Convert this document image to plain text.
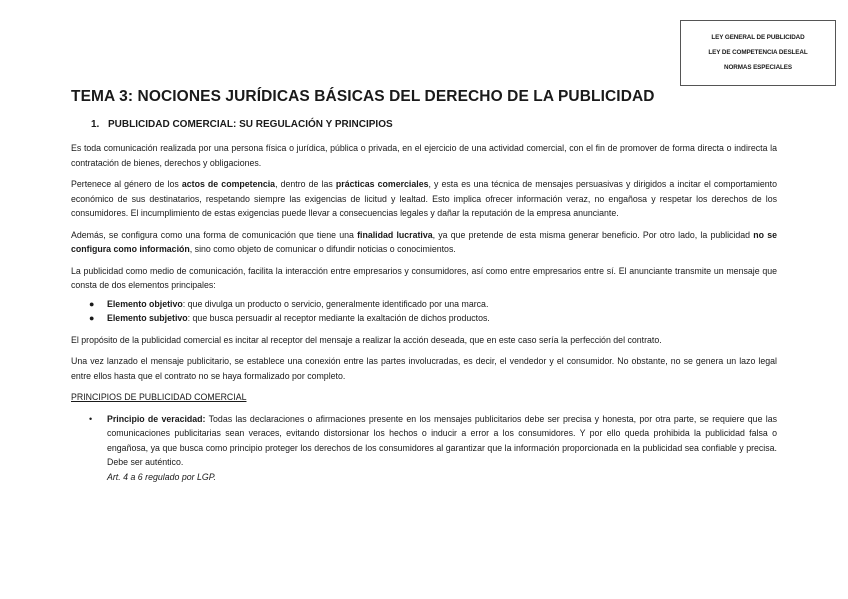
LEY GENERAL DE PUBLICIDAD
LEY DE COMPETENCIA DESLEAL
NORMAS ESPECIALES
TEMA 3: NOCIONES JURÍDICAS BÁSICAS DEL DERECHO DE LA PUBLICIDAD
1. PUBLICIDAD COMERCIAL: SU REGULACIÓN Y PRINCIPIOS

Es toda comunicación realizada por una persona física o jurídica, pública o privada, en el ejercicio de una actividad comercial, con el fin de promover de forma directa o indirecta la contratación de bienes, derechos y obligaciones.

Pertenece al género de los actos de competencia, dentro de las prácticas comerciales, y esta es una técnica de mensajes persuasivas y dirigidos a incitar el comportamiento económico de sus destinatarios, respetando siempre las exigencias de licitud y lealtad. Esto implica ofrecer información veraz, no engañosa y respetar los derechos de los consumidores. El incumplimiento de estas exigencias puede llevar a consecuencias legales y dañar la reputación de la empresa anunciante.

Además, se configura como una forma de comunicación que tiene una finalidad lucrativa, ya que pretende de esta misma generar beneficio. Por otro lado, la publicidad no se configura como información, sino como objeto de comunicar o difundir noticias o conocimientos.

La publicidad como medio de comunicación, facilita la interacción entre empresarios y consumidores, así como entre empresarios entre sí. El anunciante transmite un mensaje que consta de dos elementos principales:

● Elemento objetivo: que divulga un producto o servicio, generalmente identificado por una marca.
● Elemento subjetivo: que busca persuadir al receptor mediante la exaltación de dichos productos.

El propósito de la publicidad comercial es incitar al receptor del mensaje a realizar la acción deseada, que en este caso sería la perfección del contrato.

Una vez lanzado el mensaje publicitario, se establece una conexión entre las partes involucradas, es decir, el vendedor y el consumidor. No obstante, no se genera un lazo legal entre ellos hasta que el contrato no se haya formalizado por completo.

PRINCIPIOS DE PUBLICIDAD COMERCIAL

• Principio de veracidad: Todas las declaraciones o afirmaciones presente en los mensajes publicitarios debe ser precisa y honesta, por otra parte, se requiere que las comunicaciones publicitarias sean veraces, evitando distorsionar los hechos o inducir a error a los consumidores. Y por ello queda prohibida la publicidad falsa o engañosa, ya que busca como principio proteger los derechos de los consumidores al garantizar que la información proporcionada en la publicidad sea confiable y precisa. Debe ser auténtico.
Art. 4 a 6 regulado por LGP.
